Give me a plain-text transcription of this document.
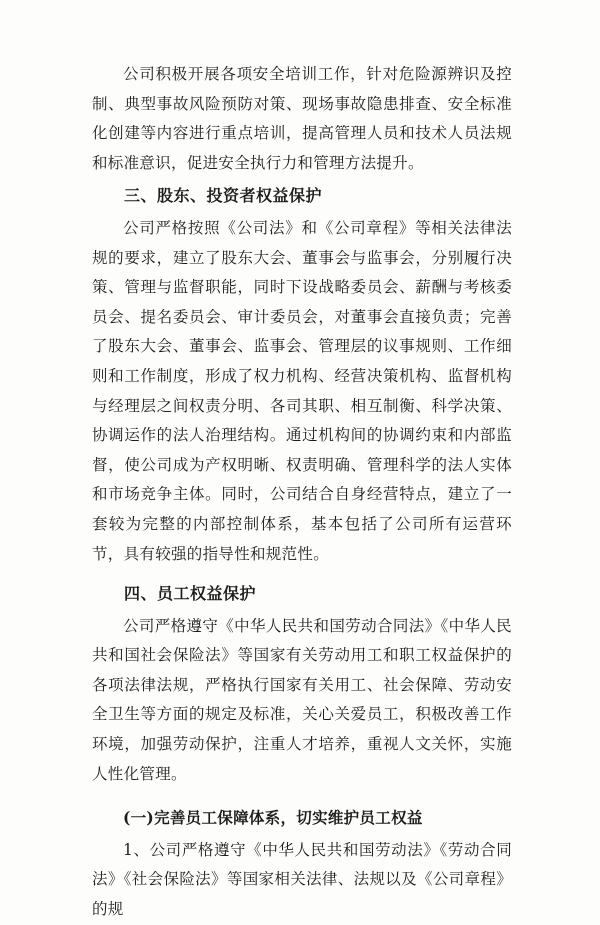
公司积极开展各项安全培训工作，针对危险源辨识及控制、典型事故风险预防对策、现场事故隐患排查、安全标准化创建等内容进行重点培训，提高管理人员和技术人员法规和标准意识，促进安全执行力和管理方法提升。

三、股东、投资者权益保护

公司严格按照《公司法》和《公司章程》等相关法律法规的要求，建立了股东大会、董事会与监事会，分别履行决策、管理与监督职能，同时下设战略委员会、薪酬与考核委员会、提名委员会、审计委员会，对董事会直接负责；完善了股东大会、董事会、监事会、管理层的议事规则、工作细则和工作制度，形成了权力机构、经营决策机构、监督机构与经理层之间权责分明、各司其职、相互制衡、科学决策、协调运作的法人治理结构。通过机构间的协调约束和内部监督，使公司成为产权明晰、权责明确、管理科学的法人实体和市场竞争主体。同时，公司结合自身经营特点，建立了一套较为完整的内部控制体系，基本包括了公司所有运营环节，具有较强的指导性和规范性。

四、员工权益保护

公司严格遵守《中华人民共和国劳动合同法》《中华人民共和国社会保险法》等国家有关劳动用工和职工权益保护的各项法律法规，严格执行国家有关用工、社会保障、劳动安全卫生等方面的规定及标准，关心关爱员工，积极改善工作环境，加强劳动保护，注重人才培养，重视人文关怀，实施人性化管理。

(一)完善员工保障体系，切实维护员工权益

1、公司严格遵守《中华人民共和国劳动法》《劳动合同法》《社会保险法》等国家相关法律、法规以及《公司章程》的规
